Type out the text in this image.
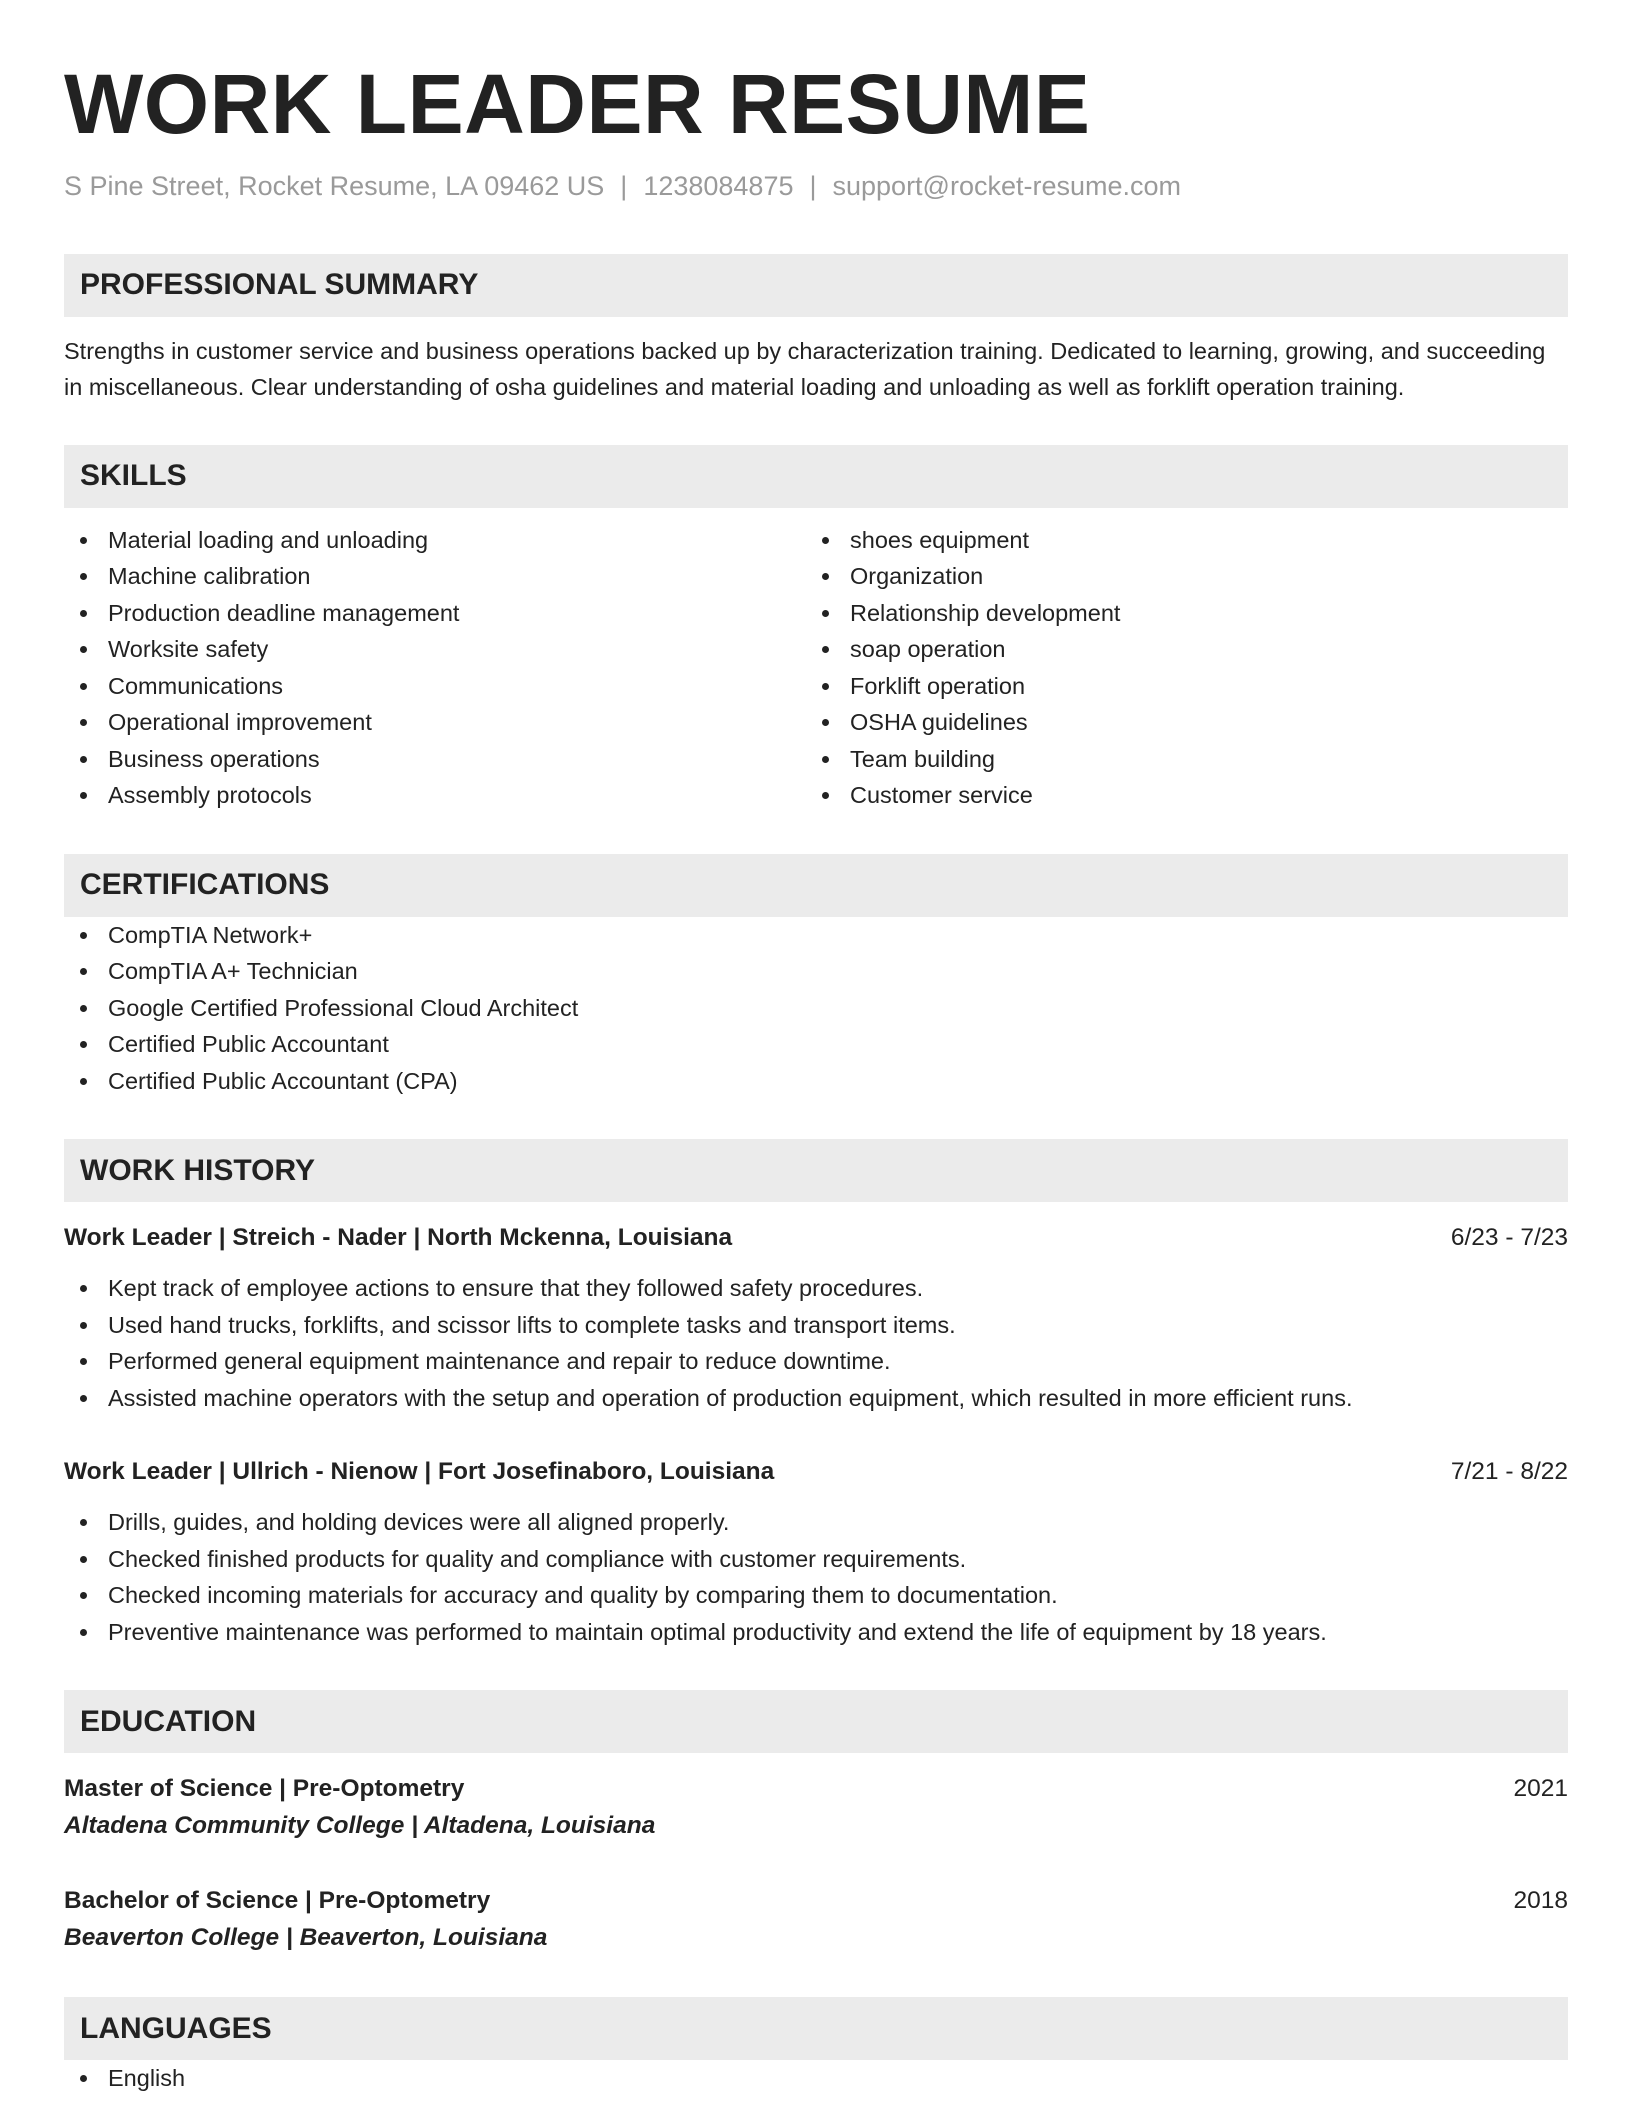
WORK LEADER RESUME
S Pine Street, Rocket Resume, LA 09462 US | 1238084875 | support@rocket-resume.com
PROFESSIONAL SUMMARY

Strengths in customer service and business operations backed up by characterization training. Dedicated to learning, growing, and succeeding in miscellaneous. Clear understanding of osha guidelines and material loading and unloading as well as forklift operation training.

SKILLS
Material loading and unloading
Machine calibration
Production deadline management
Worksite safety
Communications
Operational improvement
Business operations
Assembly protocols
shoes equipment
Organization
Relationship development
soap operation
Forklift operation
OSHA guidelines
Team building
Customer service
CERTIFICATIONS
CompTIA Network+
CompTIA A+ Technician
Google Certified Professional Cloud Architect
Certified Public Accountant
Certified Public Accountant (CPA)
WORK HISTORY
Work Leader | Streich - Nader | North Mckenna, Louisiana	6/23 - 7/23
Kept track of employee actions to ensure that they followed safety procedures.
Used hand trucks, forklifts, and scissor lifts to complete tasks and transport items.
Performed general equipment maintenance and repair to reduce downtime.
Assisted machine operators with the setup and operation of production equipment, which resulted in more efficient runs.
Work Leader | Ullrich - Nienow | Fort Josefinaboro, Louisiana	7/21 - 8/22
Drills, guides, and holding devices were all aligned properly.
Checked finished products for quality and compliance with customer requirements.
Checked incoming materials for accuracy and quality by comparing them to documentation.
Preventive maintenance was performed to maintain optimal productivity and extend the life of equipment by 18 years.
EDUCATION
Master of Science | Pre-Optometry	2021
Altadena Community College | Altadena, Louisiana
Bachelor of Science | Pre-Optometry	2018
Beaverton College | Beaverton, Louisiana
LANGUAGES
English
